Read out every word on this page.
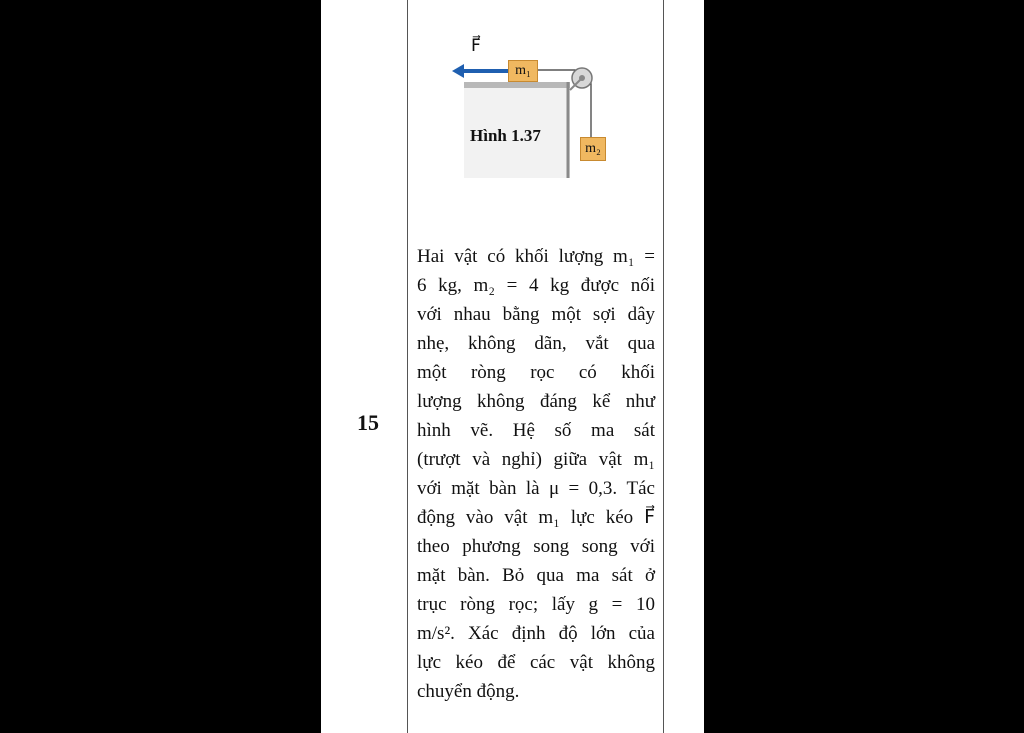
F⃗
m₁
m₂
Hình 1.37
15
Hai vật có khối lượng m₁ =
6 kg, m₂ = 4 kg được nối
với nhau bằng một sợi dây
nhẹ, không dãn, vắt qua
một ròng rọc có khối
lượng không đáng kể như
hình vẽ. Hệ số ma sát
(trượt và nghỉ) giữa vật m₁
với mặt bàn là μ = 0,3. Tác
động vào vật m₁ lực kéo F⃗
theo phương song song với
mặt bàn. Bỏ qua ma sát ở
trục ròng rọc; lấy g = 10
m/s². Xác định độ lớn của
lực kéo để các vật không
chuyển động.
